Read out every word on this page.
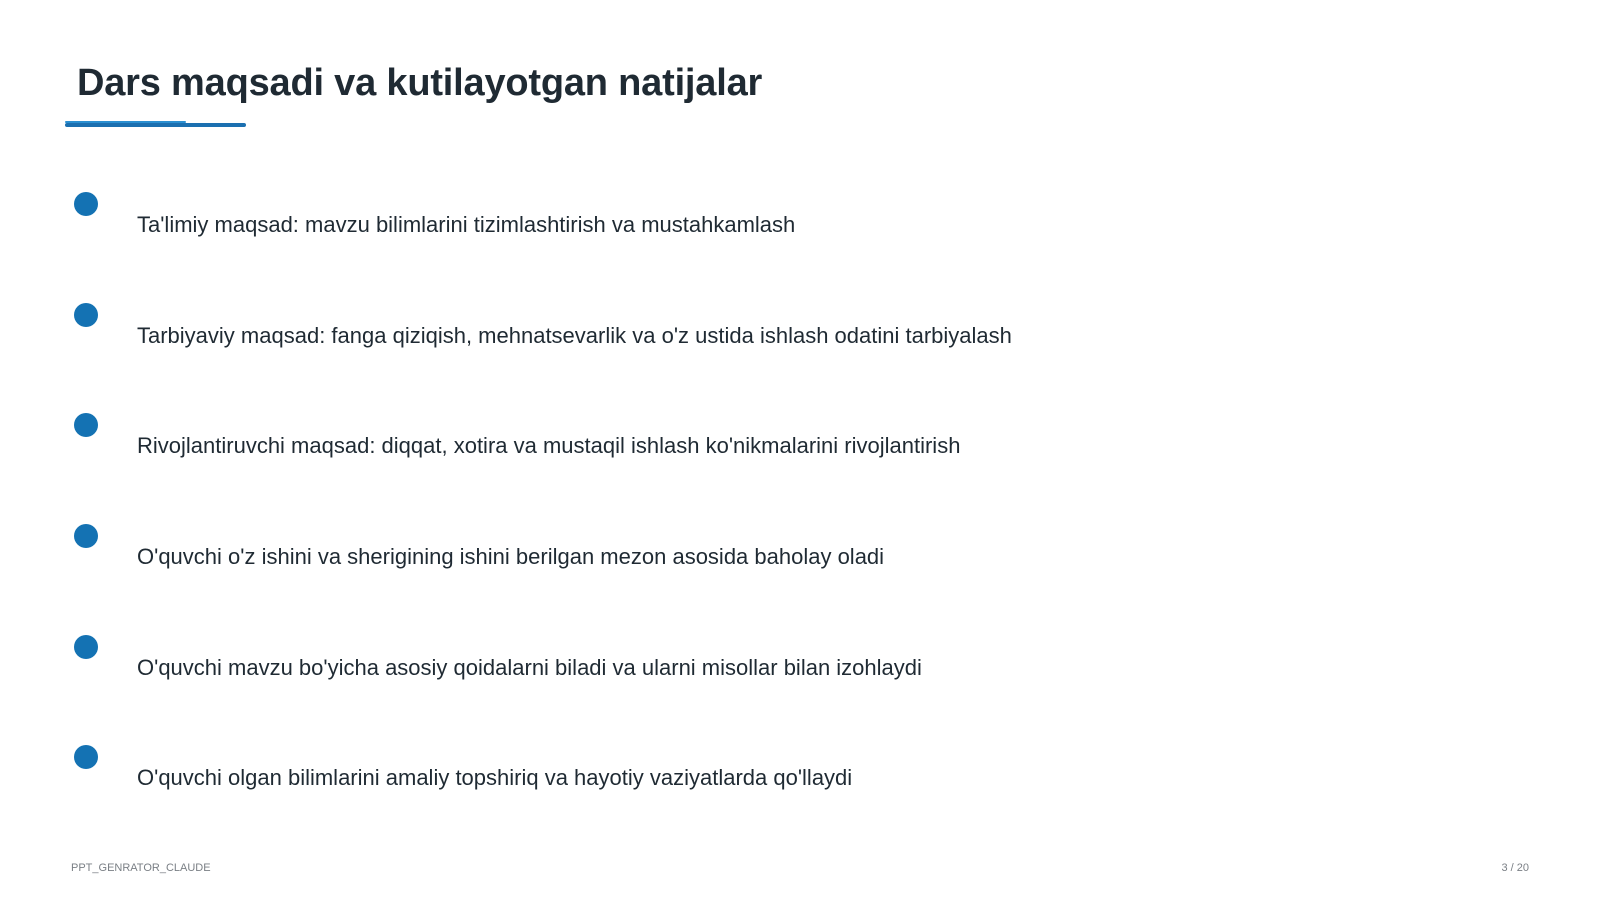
Dars maqsadi va kutilayotgan natijalar
Ta'limiy maqsad: mavzu bilimlarini tizimlashtirish va mustahkamlash
Tarbiyaviy maqsad: fanga qiziqish, mehnatsevarlik va o'z ustida ishlash odatini tarbiyalash
Rivojlantiruvchi maqsad: diqqat, xotira va mustaqil ishlash ko'nikmalarini rivojlantirish
O'quvchi o'z ishini va sherigining ishini berilgan mezon asosida baholay oladi
O'quvchi mavzu bo'yicha asosiy qoidalarni biladi va ularni misollar bilan izohlaydi
O'quvchi olgan bilimlarini amaliy topshiriq va hayotiy vaziyatlarda qo'llaydi
PPT_GENRATOR_CLAUDE	3 / 20
